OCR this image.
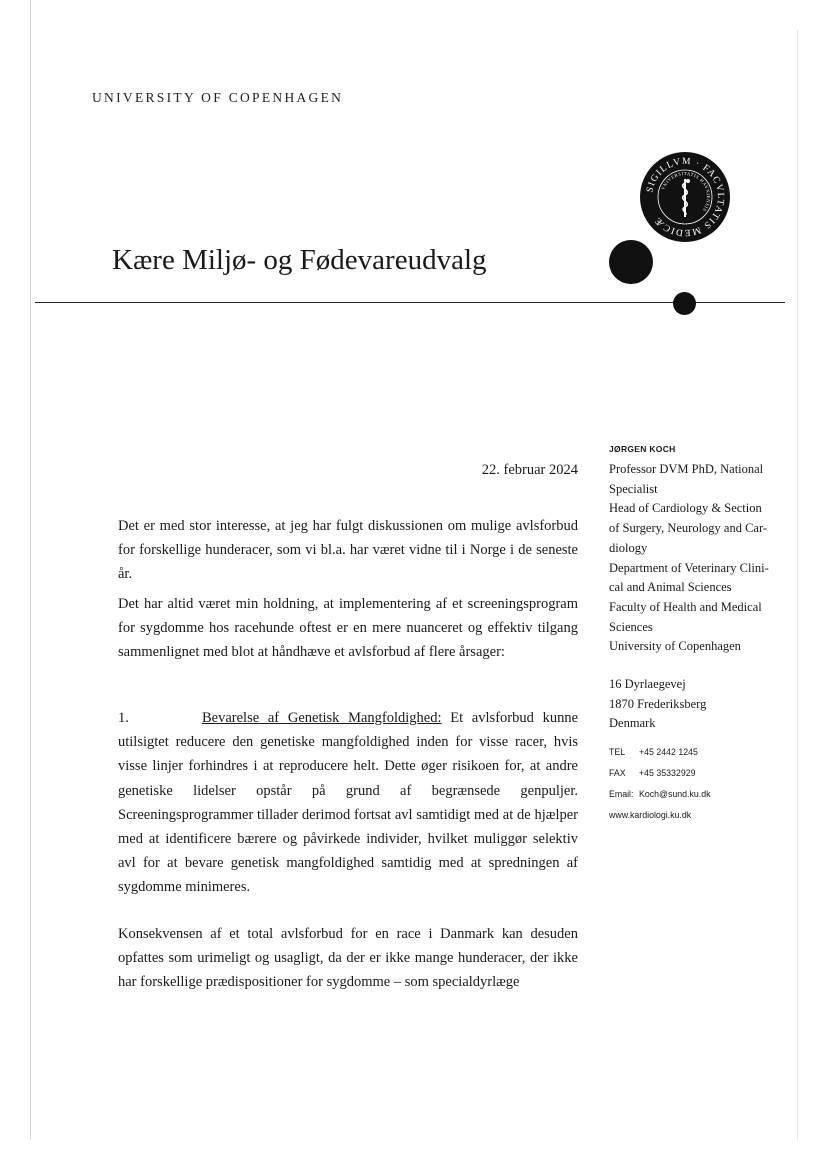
UNIVERSITY OF COPENHAGEN
SIGILLVM · FACVLTATIS MEDICÆ
VNIVERSITATIS HAVNIENSIS
Kære Miljø- og Fødevareudvalg
22. februar 2024
Det er med stor interesse, at jeg har fulgt diskussionen om mulige avlsforbud for forskellige hunderacer, som vi bl.a. har været vidne til i Norge i de seneste år.
Det har altid været min holdning, at implementering af et screeningsprogram for sygdomme hos racehunde oftest er en mere nuanceret og effektiv tilgang sammenlignet med blot at håndhæve et avlsforbud af flere årsager:
1.	Bevarelse af Genetisk Mangfoldighed: Et avlsforbud kunne utilsigtet reducere den genetiske mangfoldighed inden for visse racer, hvis visse linjer forhindres i at reproducere helt. Dette øger risikoen for, at andre genetiske lidelser opstår på grund af begrænsede genpuljer. Screeningsprogrammer tillader derimod fortsat avl samtidigt med at de hjælper med at identificere bærere og påvirkede individer, hvilket muliggør selektiv avl for at bevare genetisk mangfoldighed samtidig med at spredningen af sygdomme minimeres.
Konsekvensen af et total avlsforbud for en race i Danmark kan desuden opfattes som urimeligt og usagligt, da der er ikke mange hunderacer, der ikke har forskellige prædispositioner for sygdomme – som specialdyrlæge
JØRGEN KOCH
Professor DVM PhD, National
Specialist
Head of Cardiology & Section
of Surgery, Neurology and Car-
diology
Department of Veterinary Clini-
cal and Animal Sciences
Faculty of Health and Medical
Sciences
University of Copenhagen
16 Dyrlaegevej
1870 Frederiksberg
Denmark
TEL +45 2442 1245
FAX +45 35332929
Email: Koch@sund.ku.dk
www.kardiologi.ku.dk
